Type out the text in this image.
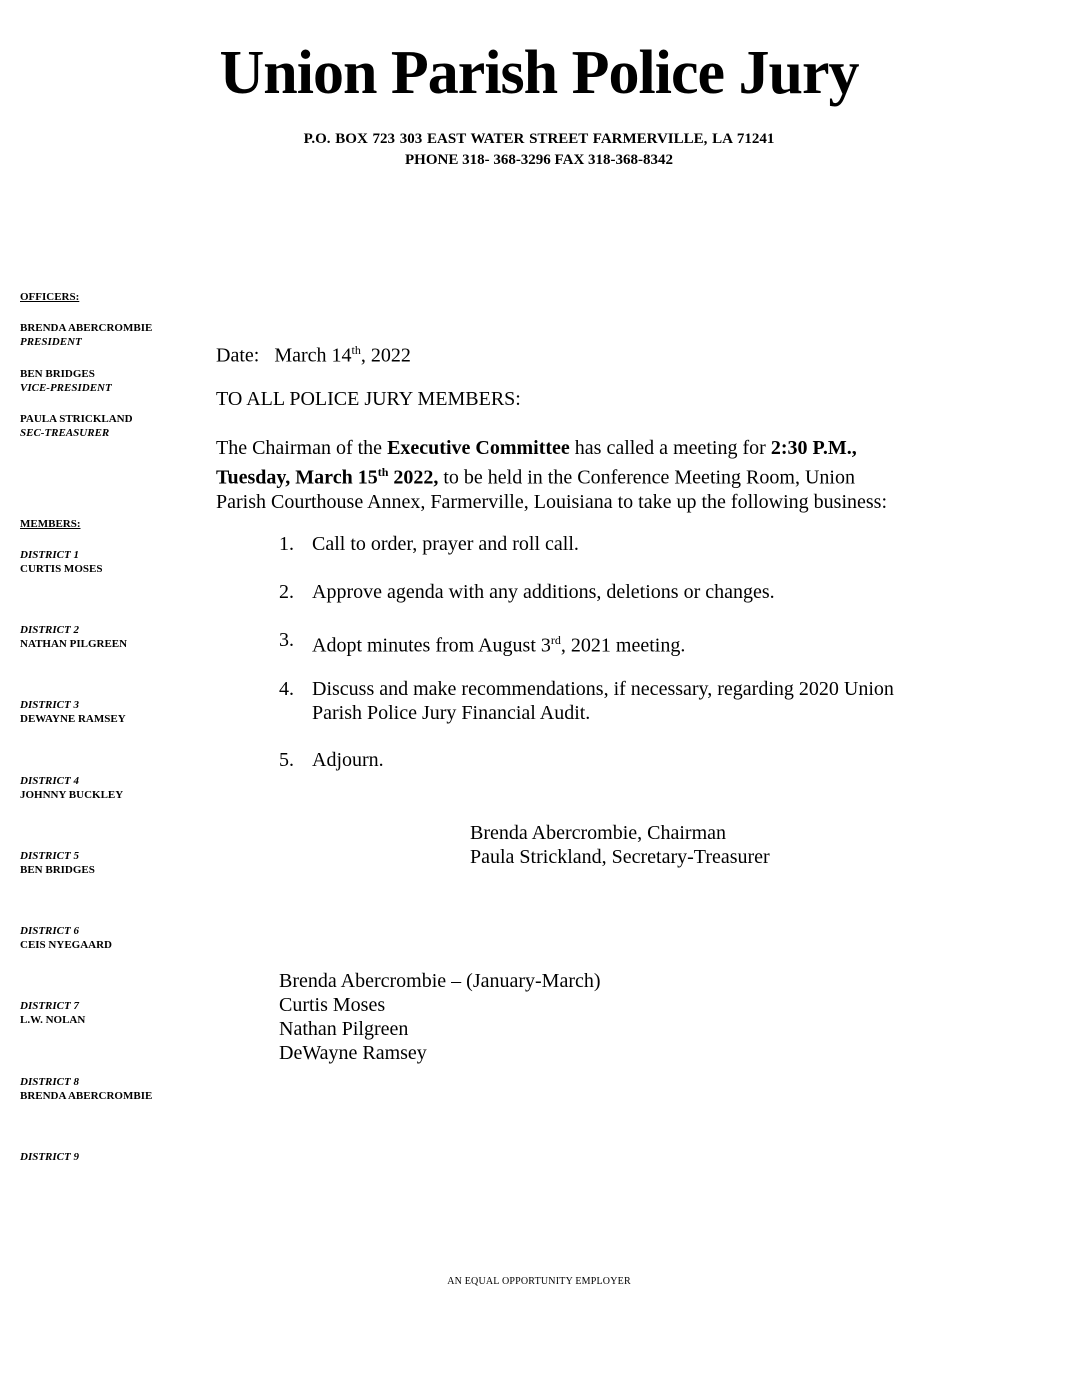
Union Parish Police Jury
P.O. BOX 723 303 EAST WATER STREET FARMERVILLE, LA 71241
PHONE 318- 368-3296 FAX 318-368-8342
OFFICERS:
BRENDA ABERCROMBIE
PRESIDENT
BEN BRIDGES
VICE-PRESIDENT
PAULA STRICKLAND
SEC-TREASURER
MEMBERS:
DISTRICT 1
CURTIS MOSES
DISTRICT 2
NATHAN PILGREEN
DISTRICT 3
DEWAYNE RAMSEY
DISTRICT 4
JOHNNY BUCKLEY
DISTRICT 5
BEN BRIDGES
DISTRICT 6
CEIS NYEGAARD
DISTRICT 7
L.W. NOLAN
DISTRICT 8
BRENDA ABERCROMBIE
DISTRICT 9
Date: March 14th, 2022
TO ALL POLICE JURY MEMBERS:
The Chairman of the Executive Committee has called a meeting for 2:30 P.M.,
Tuesday, March 15th 2022, to be held in the Conference Meeting Room, Union
Parish Courthouse Annex, Farmerville, Louisiana to take up the following business:
1. Call to order, prayer and roll call.
2. Approve agenda with any additions, deletions or changes.
3. Adopt minutes from August 3rd, 2021 meeting.
4. Discuss and make recommendations, if necessary, regarding 2020 Union
Parish Police Jury Financial Audit.
5. Adjourn.
Brenda Abercrombie, Chairman
Paula Strickland, Secretary-Treasurer
Brenda Abercrombie – (January-March)
Curtis Moses
Nathan Pilgreen
DeWayne Ramsey
AN EQUAL OPPORTUNITY EMPLOYER
